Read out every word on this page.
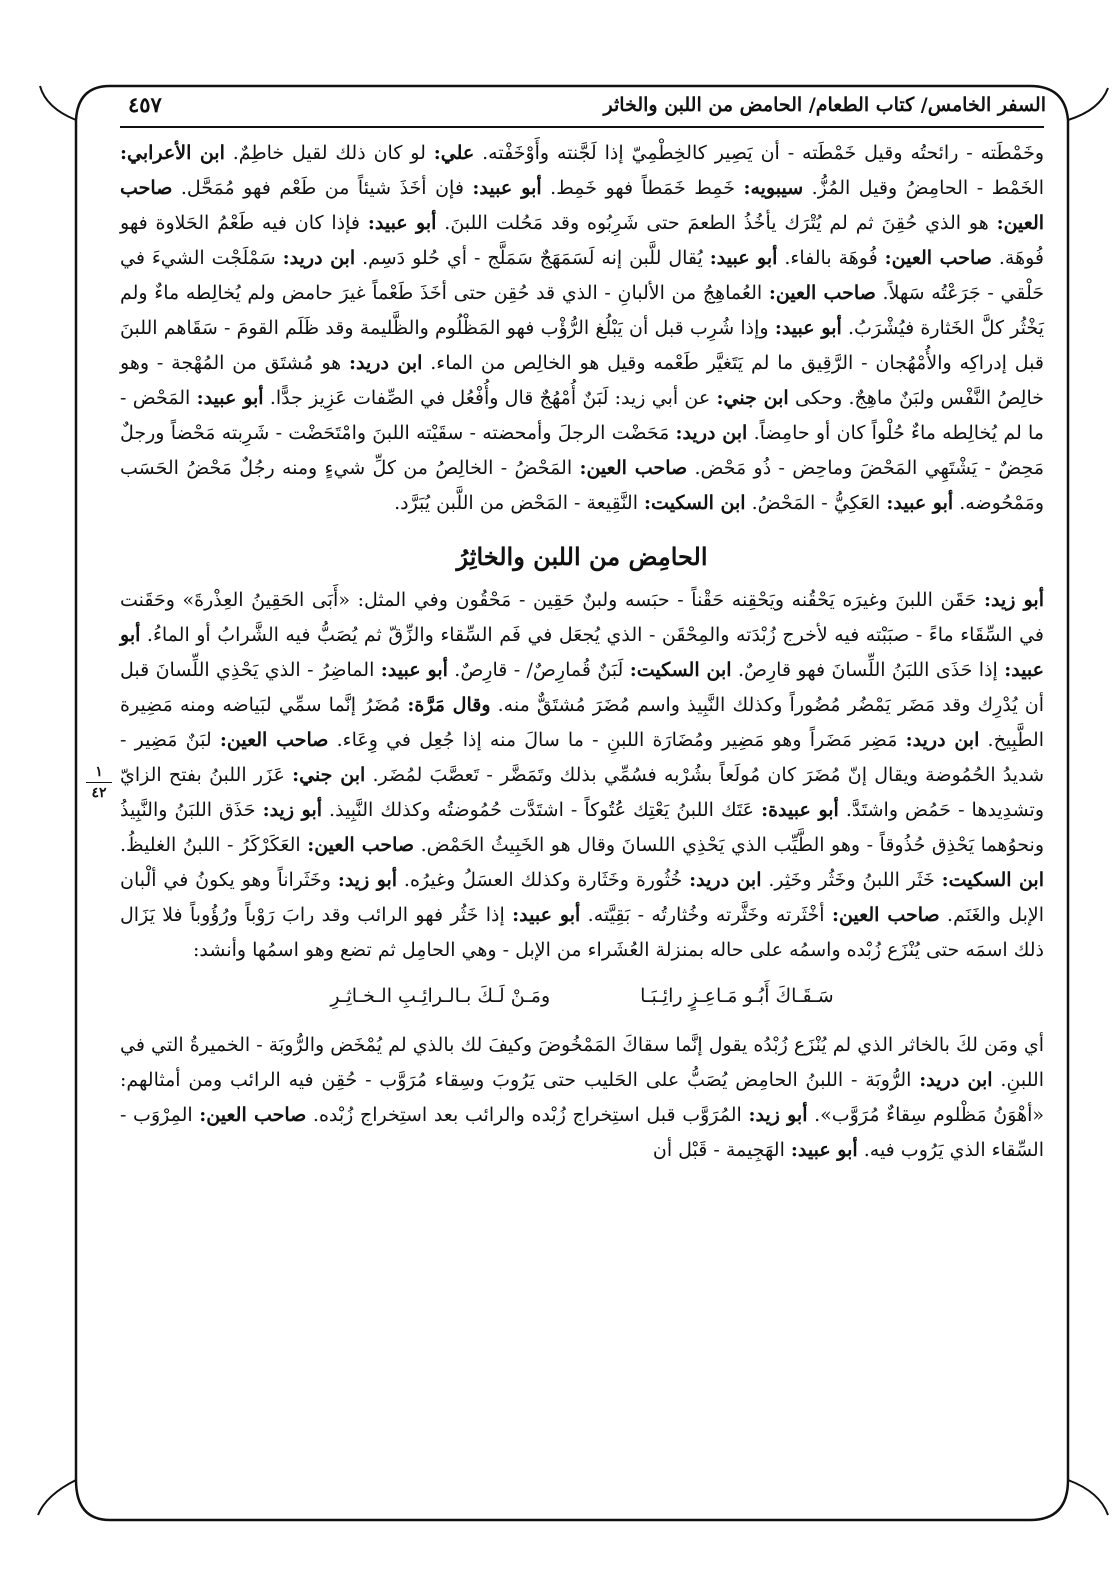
السفر الخامس/ كتاب الطعام/ الحامض من اللبن والخاثر
٤٥٧
١
٤٢

وخَمْطَته - رائحتُه وقيل خَمْطَته - أن يَصِير كالخِطْمِيّ إذا لَجَّنته وأَوْخَفْته. علي: لو كان ذلك لقيل خاطِمٌ. ابن الأعرابي: الخَمْط - الحامِضُ وقيل المُزُّ. سيبويه: خَمِط خَمَطاً فهو خَمِط. أبو عبيد: فإن أخَذَ شيئاً من طَعْم فهو مُمَحَّل. صاحب العين: هو الذي حُقِنَ ثم لم يُتْرَك يأخُذُ الطعمَ حتى شَرِبُوه وقد مَحُلت اللبنَ. أبو عبيد: فإذا كان فيه طَعْمُ الحَلاوة فهو فُوهَة. صاحب العين: فُوهَة بالفاء. أبو عبيد: يُقال للَّبن إنه لَسَمَهَجٌ سَمَلَّج - أي حُلو دَسِم. ابن دريد: سَمْلَجْت الشيءَ في حَلْقي - جَرَعْتُه سَهلاً. صاحب العين: العُماهِجُ من الألبانِ - الذي قد حُقِن حتى أخَذَ طَعْماً غيرَ حامض ولم يُخالِطه ماءٌ ولم يَخْثُر كلَّ الخَثارة فيُشْرَبُ. أبو عبيد: وإذا شُرِب قبل أن يَبْلُغ الرُّؤْب فهو المَظْلُوم والظَّليمة وقد ظَلَم القومَ - سَقَاهم اللبنَ قبل إدراكِه والأُمْهُجان - الرَّقِيق ما لم يَتَغيَّر طَعْمه وقيل هو الخالِص من الماء. ابن دريد: هو مُشتَق من المُهْجة - وهو خالِصُ النَّفْس ولبَنٌ ماهِجٌ. وحكى ابن جني: عن أبي زيد: لَبَنٌ أُمْهُجٌ قال وأُفْعُل في الصِّفات عَزِيز جدًّا. أبو عبيد: المَحْض - ما لم يُخالِطه ماءٌ حُلْواً كان أو حامِضاً. ابن دريد: مَحَضْت الرجلَ وأمحضته - سقَيْته اللبنَ وامْتَحَضْت - شَرِبته مَحْضاً ورجلٌ مَحِضٌ - يَشْتَهِي المَحْضَ وماحِض - ذُو مَحْض. صاحب العين: المَحْضُ - الخالِصُ من كلِّ شيءٍ ومنه رجُلٌ مَحْضُ الحَسَب ومَمْحُوضه. أبو عبيد: العَكِيُّ - المَحْضُ. ابن السكيت: النَّقِيعة - المَحْض من اللَّبن يُبَرَّد.

الحامِض من اللبن والخاثِرُ

أبو زيد: حَقَن اللبنَ وغيرَه يَحْقُنه ويَحْقِنه حَقْناً - حبَسه ولبنٌ حَقِين - مَحْقُون وفي المثل: «أَبَى الحَقِينُ العِذْرةَ» وحَقَنت في السِّقَاء ماءً - صبَبْته فيه لأخرج زُبْدَته والمِحْقَن - الذي يُجعَل في فَم السِّقاء والزِّقّ ثم يُصَبُّ فيه الشَّرابُ أو الماءُ. أبو عبيد: إذا حَذَى اللبَنُ اللِّسانَ فهو قارِصٌ. ابن السكيت: لَبَنٌ قُمارِصٌ/ - قارِصٌ. أبو عبيد: الماضِرُ - الذي يَحْذِي اللِّسانَ قبل أن يُدْرِك وقد مَضَر يَمْضُر مُضُوراً وكذلك النَّبِيذ واسم مُضَرَ مُشتَقٌّ منه. وقال مَرَّة: مُضَرُ إنَّما سمِّي لبَياضه ومنه مَضِيرة الطَّبِيخ. ابن دريد: مَضِر مَضَراً وهو مَضِير ومُضَارَة اللبنِ - ما سالَ منه إذا جُعِل في وِعَاء. صاحب العين: لبَنٌ مَضِير - شديدُ الحُمُوضة ويقال إنّ مُضَرَ كان مُولَعاً بشُرْبه فسُمِّي بذلك وتَمَضَّر - تَعصَّبَ لمُضَر. ابن جني: عَزَر اللبنُ بفتح الزايّ وتشدِيدها - حَمُض واشتَدَّ. أبو عبيدة: عَتَك اللبنُ يَعْتِك عُتُوكاً - اشتَدَّت حُمُوضتُه وكذلك النَّبِيذ. أبو زيد: حَذَق اللبَنُ والنَّبِيذُ ونحوُهما يَحْذِق حُذُوقاً - وهو الطَّيِّب الذي يَحْذِي اللسانَ وقال هو الخَبِيثُ الحَمْض. صاحب العين: العَكَرْكَرُ - اللبنُ الغليظُ. ابن السكيت: خَثَر اللبنُ وخَثُر وخَثِر. ابن دريد: خُثُورة وخَثَارة وكذلك العسَلُ وغيرُه. أبو زيد: وخَثَراناً وهو يكونُ في ألْبان الإبل والغَنَم. صاحب العين: أخْثَرته وخَثَّرته وخُثارتُه - بَقِيَّته. أبو عبيد: إذا خَثُر فهو الرائب وقد رابَ رَوْباً ورُؤُوباً فلا يَزَال ذلك اسمَه حتى يُنْزَع زُبْده واسمُه على حاله بمنزلة العُشَراء من الإبل - وهي الحامِل ثم تضع وهو اسمُها وأنشد:

سَـقَـاكَ أَبُـو مَـاعِـزٍ رائِـبَـا
ومَـنْ لَـكَ بـالـرائِـبِ الـخـاثِـرِ

أي ومَن لكَ بالخاثر الذي لم يُنْزَع زُبْدُه يقول إنَّما سقاكَ المَمْخُوضَ وكيفَ لك بالذي لم يُمْخَض والرُّوبَة - الخميرةُ التي في اللبنِ. ابن دريد: الرُّوبَة - اللبنُ الحامِض يُصَبُّ على الحَليب حتى يَرُوبَ وسِقاء مُرَوَّب - حُقِن فيه الرائب ومن أمثالهم: «أهْوَنُ مَظْلوم سِقاءٌ مُرَوَّب». أبو زيد: المُرَوَّب قبل استِخراج زُبْده والرائب بعد استِخراج زُبْده. صاحب العين: المِرْوَب - السِّقاء الذي يَرُوب فيه. أبو عبيد: الهَجِيمة - قَبْل أن
